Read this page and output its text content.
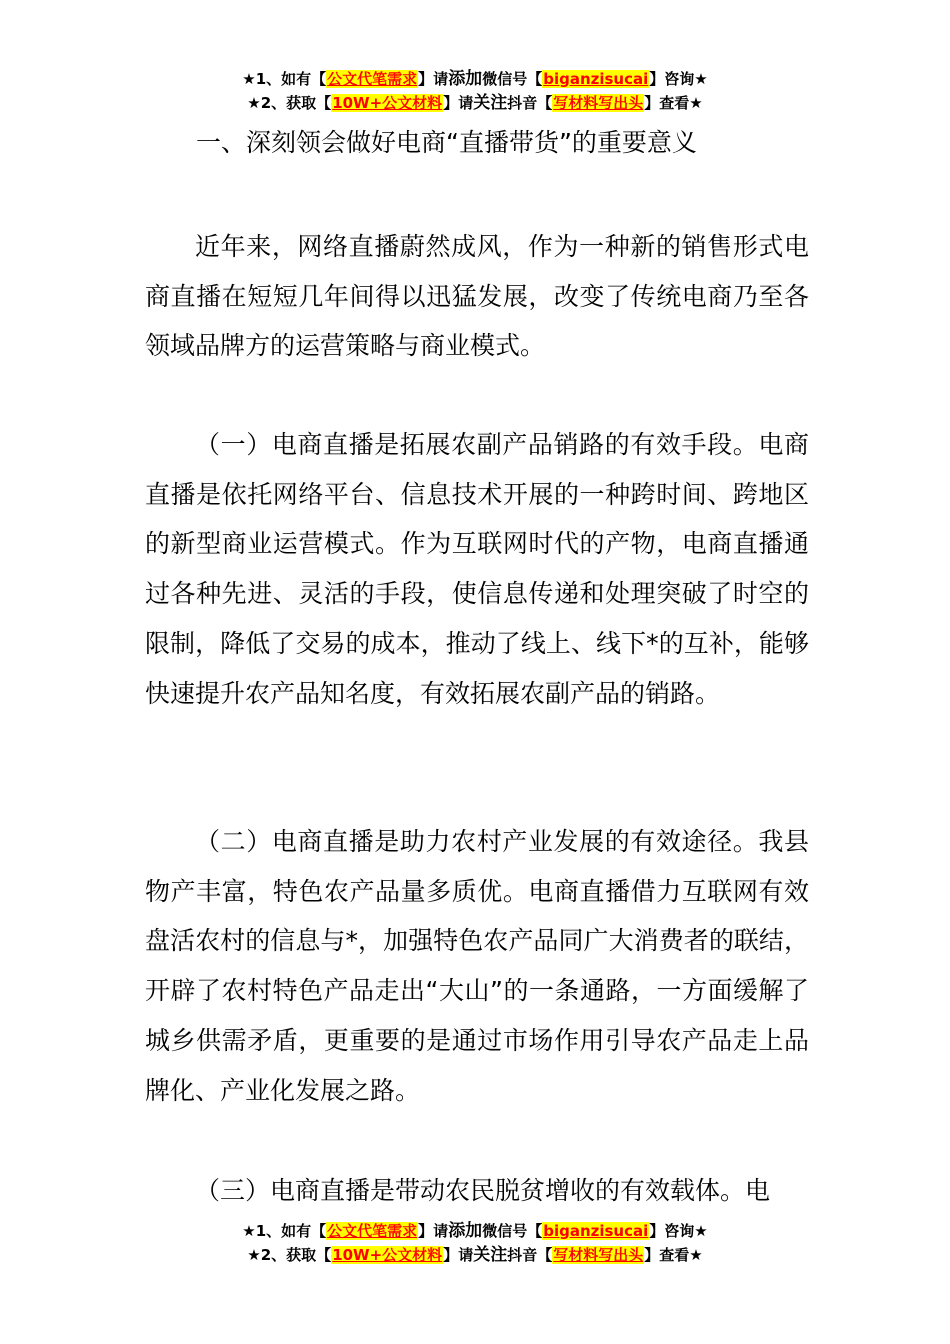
★1、如有【公文代笔需求】请添加微信号【biganzisucai】咨询★
★2、获取【10W+公文材料】请关注抖音【写材料写出头】查看★
一、深刻领会做好电商“直播带货”的重要意义

近年来，网络直播蔚然成风，作为一种新的销售形式电商直播在短短几年间得以迅猛发展，改变了传统电商乃至各领域品牌方的运营策略与商业模式。

（一）电商直播是拓展农副产品销路的有效手段。电商直播是依托网络平台、信息技术开展的一种跨时间、跨地区的新型商业运营模式。作为互联网时代的产物，电商直播通过各种先进、灵活的手段，使信息传递和处理突破了时空的限制，降低了交易的成本，推动了线上、线下*的互补，能够快速提升农产品知名度，有效拓展农副产品的销路。

（二）电商直播是助力农村产业发展的有效途径。我县物产丰富，特色农产品量多质优。电商直播借力互联网有效盘活农村的信息与*，加强特色农产品同广大消费者的联结，开辟了农村特色产品走出“大山”的一条通路，一方面缓解了城乡供需矛盾，更重要的是通过市场作用引导农产品走上品牌化、产业化发展之路。

（三）电商直播是带动农民脱贫增收的有效载体。电

★1、如有【公文代笔需求】请添加微信号【biganzisucai】咨询★
★2、获取【10W+公文材料】请关注抖音【写材料写出头】查看★
